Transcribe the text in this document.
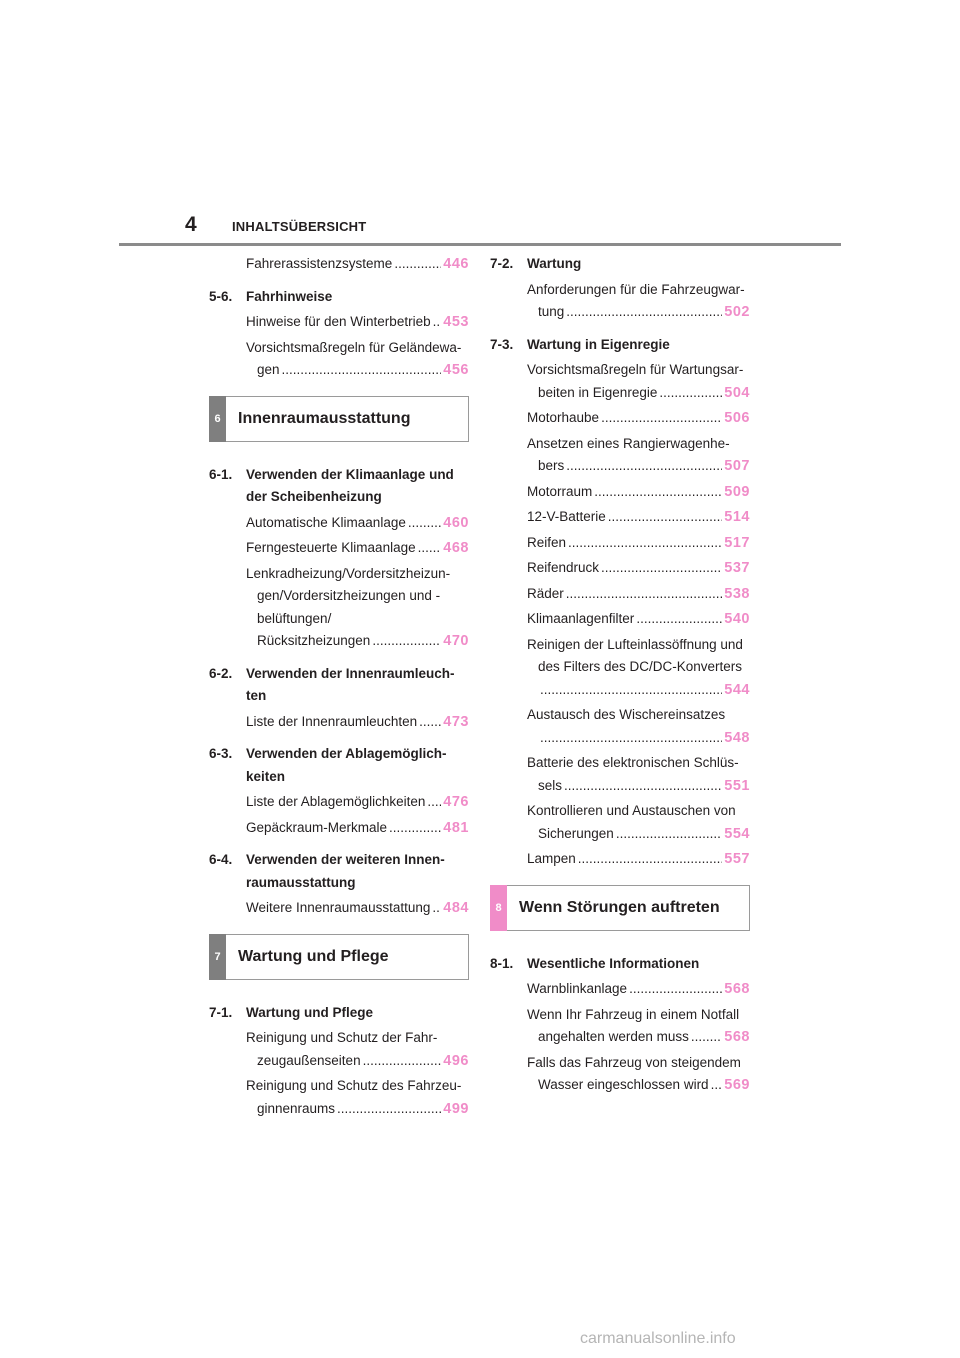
4	INHALTSÜBERSICHT
Fahrerassistenzsysteme .....	446
5-6. Fahrhinweise
Hinweise für den Winterbetrieb ..... 453
Vorsichtsmaßregeln für Geländewa-
gen .....	456
6	Innenraumausstattung
6-1. Verwenden der Klimaanlage und
der Scheibenheizung
Automatische Klimaanlage .....	460
Ferngesteuerte Klimaanlage ..... 468
Lenkradheizung/Vordersitzheizun-
gen/Vordersitzheizungen und -
belüftungen/
Rücksitzheizungen .....	470
6-2. Verwenden der Innenraumleuch-
ten
Liste der Innenraumleuchten ..... 473
6-3. Verwenden der Ablagemöglich-
keiten
Liste der Ablagemöglichkeiten ..... 476
Gepäckraum-Merkmale .....	481
6-4. Verwenden der weiteren Innen-
raumausstattung
Weitere Innenraumausstattung ..... 484
7	Wartung und Pflege
7-1. Wartung und Pflege
Reinigung und Schutz der Fahr-
zeugaußenseiten .....	496
Reinigung und Schutz des Fahrzeu-
ginnenraums .....	499
7-2. Wartung
Anforderungen für die Fahrzeugwar-
tung .....	502
7-3. Wartung in Eigenregie
Vorsichtsmaßregeln für Wartungsar-
beiten in Eigenregie .....	504
Motorhaube .....	506
Ansetzen eines Rangierwagenhe-
bers .....	507
Motorraum .....	509
12-V-Batterie .....	514
Reifen .....	517
Reifendruck .....	537
Räder .....	538
Klimaanlagenfilter .....	540
Reinigen der Lufteinlassöffnung und
des Filters des DC/DC-Konverters
.....
544
Austausch des Wischereinsatzes
.....
548
Batterie des elektronischen Schlüs-
sels .....	551
Kontrollieren und Austauschen von
Sicherungen .....	554
Lampen .....	557
8	Wenn Störungen auftreten
8-1. Wesentliche Informationen
Warnblinkanlage .....	568
Wenn Ihr Fahrzeug in einem Notfall
angehalten werden muss ..... 568
Falls das Fahrzeug von steigendem
Wasser eingeschlossen wird ..... 569
carmanualsonline.info
